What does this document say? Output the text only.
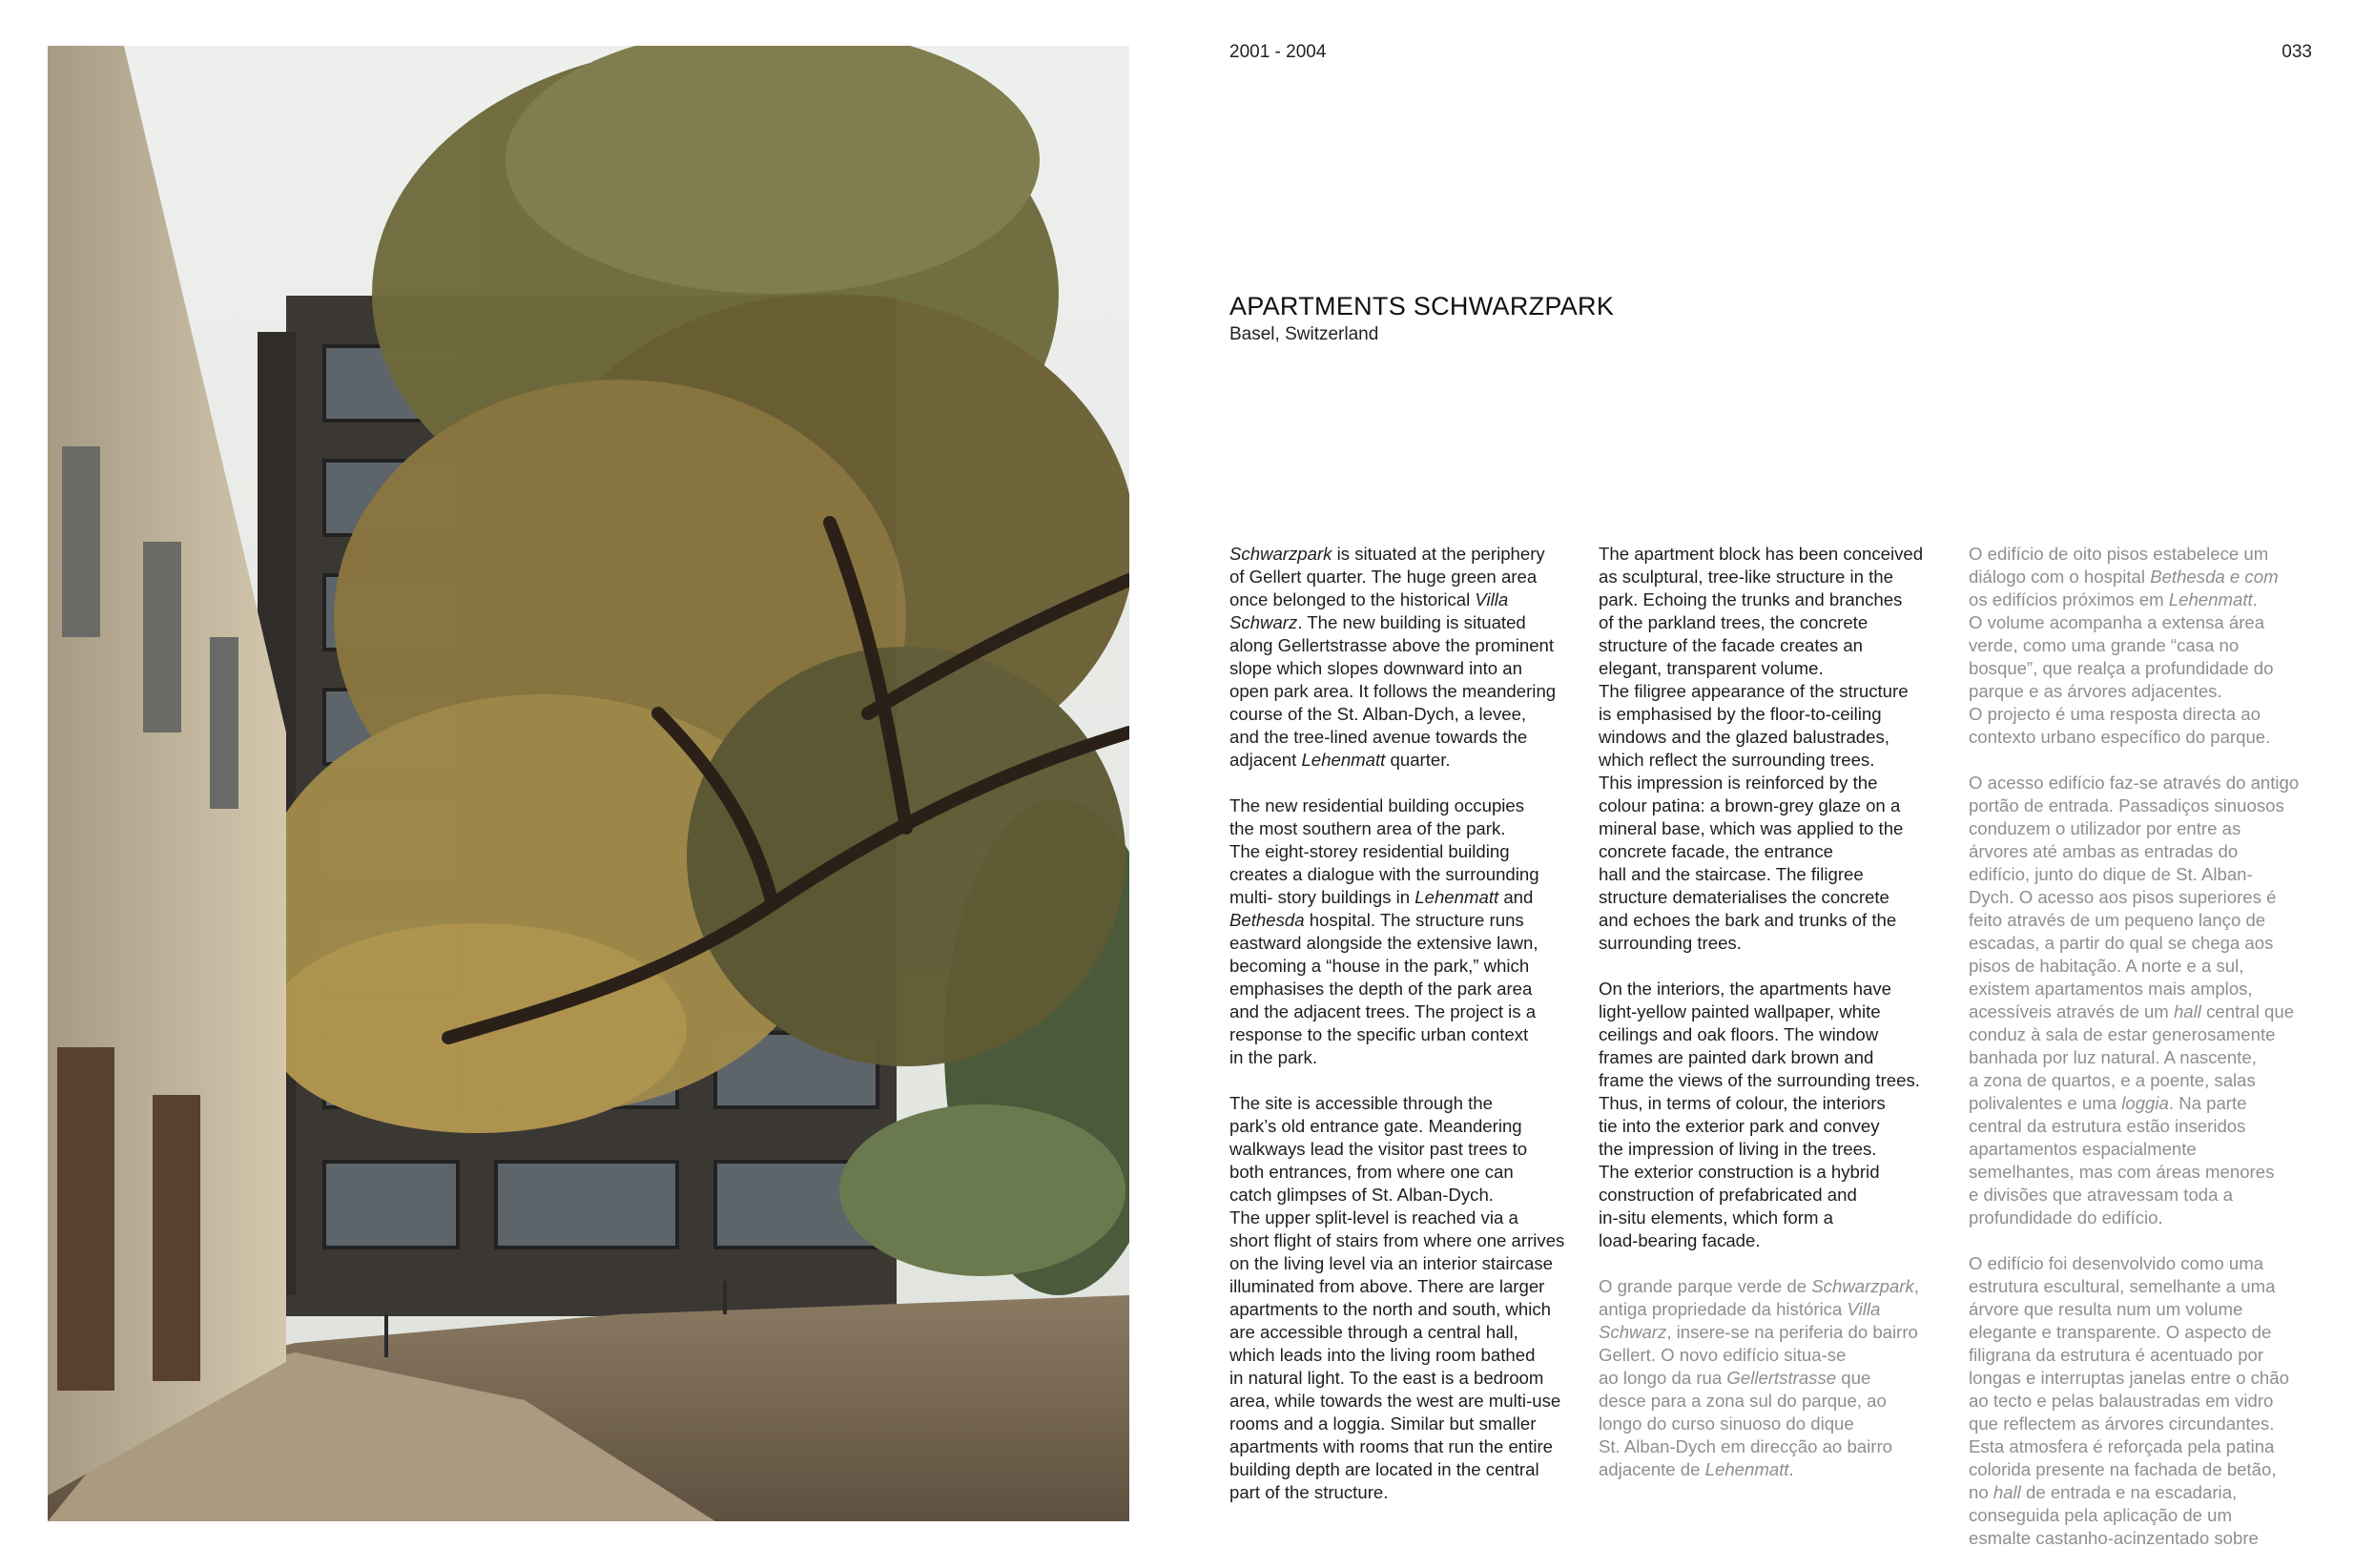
2001 - 2004	033
APARTMENTS SCHWARZPARK
Basel, Switzerland

Schwarzpark is situated at the periphery
of Gellert quarter. The huge green area
once belonged to the historical Villa
Schwarz. The new building is situated
along Gellertstrasse above the prominent
slope which slopes downward into an
open park area. It follows the meandering
course of the St. Alban-Dych, a levee,
and the tree-lined avenue towards the
adjacent Lehenmatt quarter.

The new residential building occupies
the most southern area of the park.
The eight-storey residential building
creates a dialogue with the surrounding
multi- story buildings in Lehenmatt and
Bethesda hospital. The structure runs
eastward alongside the extensive lawn,
becoming a “house in the park,” which
emphasises the depth of the park area
and the adjacent trees. The project is a
response to the specific urban context
in the park.

The site is accessible through the
park’s old entrance gate. Meandering
walkways lead the visitor past trees to
both entrances, from where one can
catch glimpses of St. Alban-Dych.
The upper split-level is reached via a
short flight of stairs from where one arrives
on the living level via an interior staircase
illuminated from above. There are larger
apartments to the north and south, which
are accessible through a central hall,
which leads into the living room bathed
in natural light. To the east is a bedroom
area, while towards the west are multi-use
rooms and a loggia. Similar but smaller
apartments with rooms that run the entire
building depth are located in the central
part of the structure.

The apartment block has been conceived
as sculptural, tree-like structure in the
park. Echoing the trunks and branches
of the parkland trees, the concrete
structure of the facade creates an
elegant, transparent volume.
The filigree appearance of the structure
is emphasised by the floor-to-ceiling
windows and the glazed balustrades,
which reflect the surrounding trees.
This impression is reinforced by the
colour patina: a brown-grey glaze on a
mineral base, which was applied to the
concrete facade, the entrance
hall and the staircase. The filigree
structure dematerialises the concrete
and echoes the bark and trunks of the
surrounding trees.

On the interiors, the apartments have
light-yellow painted wallpaper, white
ceilings and oak floors. The window
frames are painted dark brown and
frame the views of the surrounding trees.
Thus, in terms of colour, the interiors
tie into the exterior park and convey
the impression of living in the trees.
The exterior construction is a hybrid
construction of prefabricated and
in-situ elements, which form a
load-bearing facade.

O grande parque verde de Schwarzpark,
antiga propriedade da histórica Villa
Schwarz, insere-se na periferia do bairro
Gellert. O novo edifício situa-se
ao longo da rua Gellertstrasse que
desce para a zona sul do parque, ao
longo do curso sinuoso do dique
St. Alban-Dych em direcção ao bairro
adjacente de Lehenmatt.

O edifício de oito pisos estabelece um
diálogo com o hospital Bethesda e com
os edifícios próximos em Lehenmatt.
O volume acompanha a extensa área
verde, como uma grande “casa no
bosque”, que realça a profundidade do
parque e as árvores adjacentes.
O projecto é uma resposta directa ao
contexto urbano específico do parque.

O acesso edifício faz-se através do antigo
portão de entrada. Passadiços sinuosos
conduzem o utilizador por entre as
árvores até ambas as entradas do
edifício, junto do dique de St. Alban-
Dych. O acesso aos pisos superiores é
feito através de um pequeno lanço de
escadas, a partir do qual se chega aos
pisos de habitação. A norte e a sul,
existem apartamentos mais amplos,
acessíveis através de um hall central que
conduz à sala de estar generosamente
banhada por luz natural. A nascente,
a zona de quartos, e a poente, salas
polivalentes e uma loggia. Na parte
central da estrutura estão inseridos
apartamentos espacialmente
semelhantes, mas com áreas menores
e divisões que atravessam toda a
profundidade do edifício.

O edifício foi desenvolvido como uma
estrutura escultural, semelhante a uma
árvore que resulta num um volume
elegante e transparente. O aspecto de
filigrana da estrutura é acentuado por
longas e interruptas janelas entre o chão
ao tecto e pelas balaustradas em vidro
que reflectem as árvores circundantes.
Esta atmosfera é reforçada pela patina
colorida presente na fachada de betão,
no hall de entrada e na escadaria,
conseguida pela aplicação de um
esmalte castanho-acinzentado sobre
